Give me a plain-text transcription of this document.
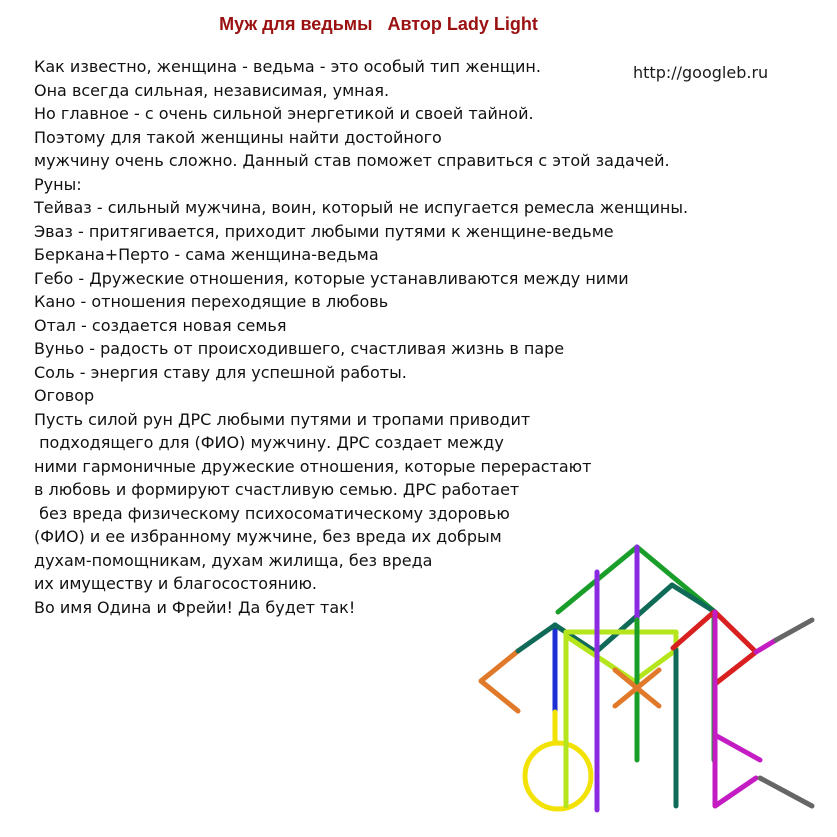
Муж для ведьмы   Автор Lady Light
http://googleb.ru
Как известно, женщина - ведьма - это особый тип женщин.
Она всегда сильная, независимая, умная.
Но главное - с очень сильной энергетикой и своей тайной.
Поэтому для такой женщины найти достойного
мужчину очень сложно. Данный став поможет справиться с этой задачей.
Руны:
Тейваз - сильный мужчина, воин, который не испугается ремесла женщины.
Эваз - притягивается, приходит любыми путями к женщине-ведьме
Беркана+Перто - сама женщина-ведьма
Гебо - Дружеские отношения, которые устанавливаются между ними
Кано - отношения переходящие в любовь
Отал - создается новая семья
Вуньо - радость от происходившего, счастливая жизнь в паре
Соль - энергия ставу для успешной работы.
Оговор
Пусть силой рун ДРС любыми путями и тропами приводит
подходящего для (ФИО) мужчину. ДРС создает между
ними гармоничные дружеские отношения, которые перерастают
в любовь и формируют счастливую семью. ДРС работает
без вреда физическому психосоматическому здоровью
(ФИО) и ее избранному мужчине, без вреда их добрым
духам-помощникам, духам жилища, без вреда
их имуществу и благосостоянию.
Во имя Одина и Фрейи! Да будет так!
